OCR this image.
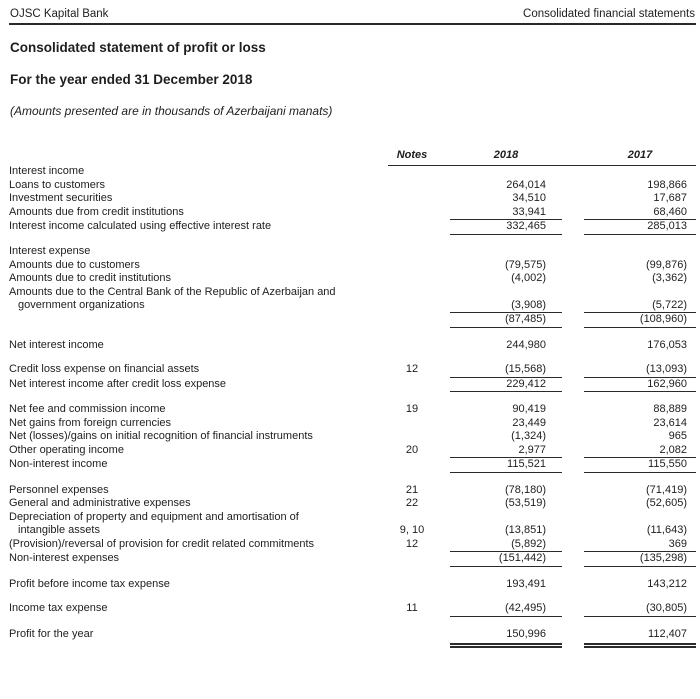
OJSC Kapital Bank	Consolidated financial statements
Consolidated statement of profit or loss
For the year ended 31 December 2018
(Amounts presented are in thousands of Azerbaijani manats)
	Notes		2018		2017
Interest income					
Loans to customers			264,014		198,866
Investment securities			34,510		17,687
Amounts due from credit institutions			33,941		68,460
Interest income calculated using effective interest rate			332,465		285,013
Interest expense					
Amounts due to customers			(79,575)		(99,876)
Amounts due to credit institutions			(4,002)		(3,362)

Amounts due to the Central Bank of the Republic of Azerbaijan and
government organizations			(3,908)		(5,722)
			(87,485)		(108,960)
Net interest income			244,980		176,053
Credit loss expense on financial assets	12		(15,568)		(13,093)
Net interest income after credit loss expense			229,412		162,960
Net fee and commission income	19		90,419		88,889
Net gains from foreign currencies			23,449		23,614
Net (losses)/gains on initial recognition of financial instruments			(1,324)		965
Other operating income	20		2,977		2,082
Non-interest income			115,521		115,550
Personnel expenses	21		(78,180)		(71,419)
General and administrative expenses	22		(53,519)		(52,605)

Depreciation of property and equipment and amortisation of
intangible assets	9, 10		(13,851)		(11,643)
(Provision)/reversal of provision for credit related commitments	12		(5,892)		369
Non-interest expenses			(151,442)		(135,298)
Profit before income tax expense			193,491		143,212
Income tax expense	11		(42,495)		(30,805)
Profit for the year			150,996		112,407
